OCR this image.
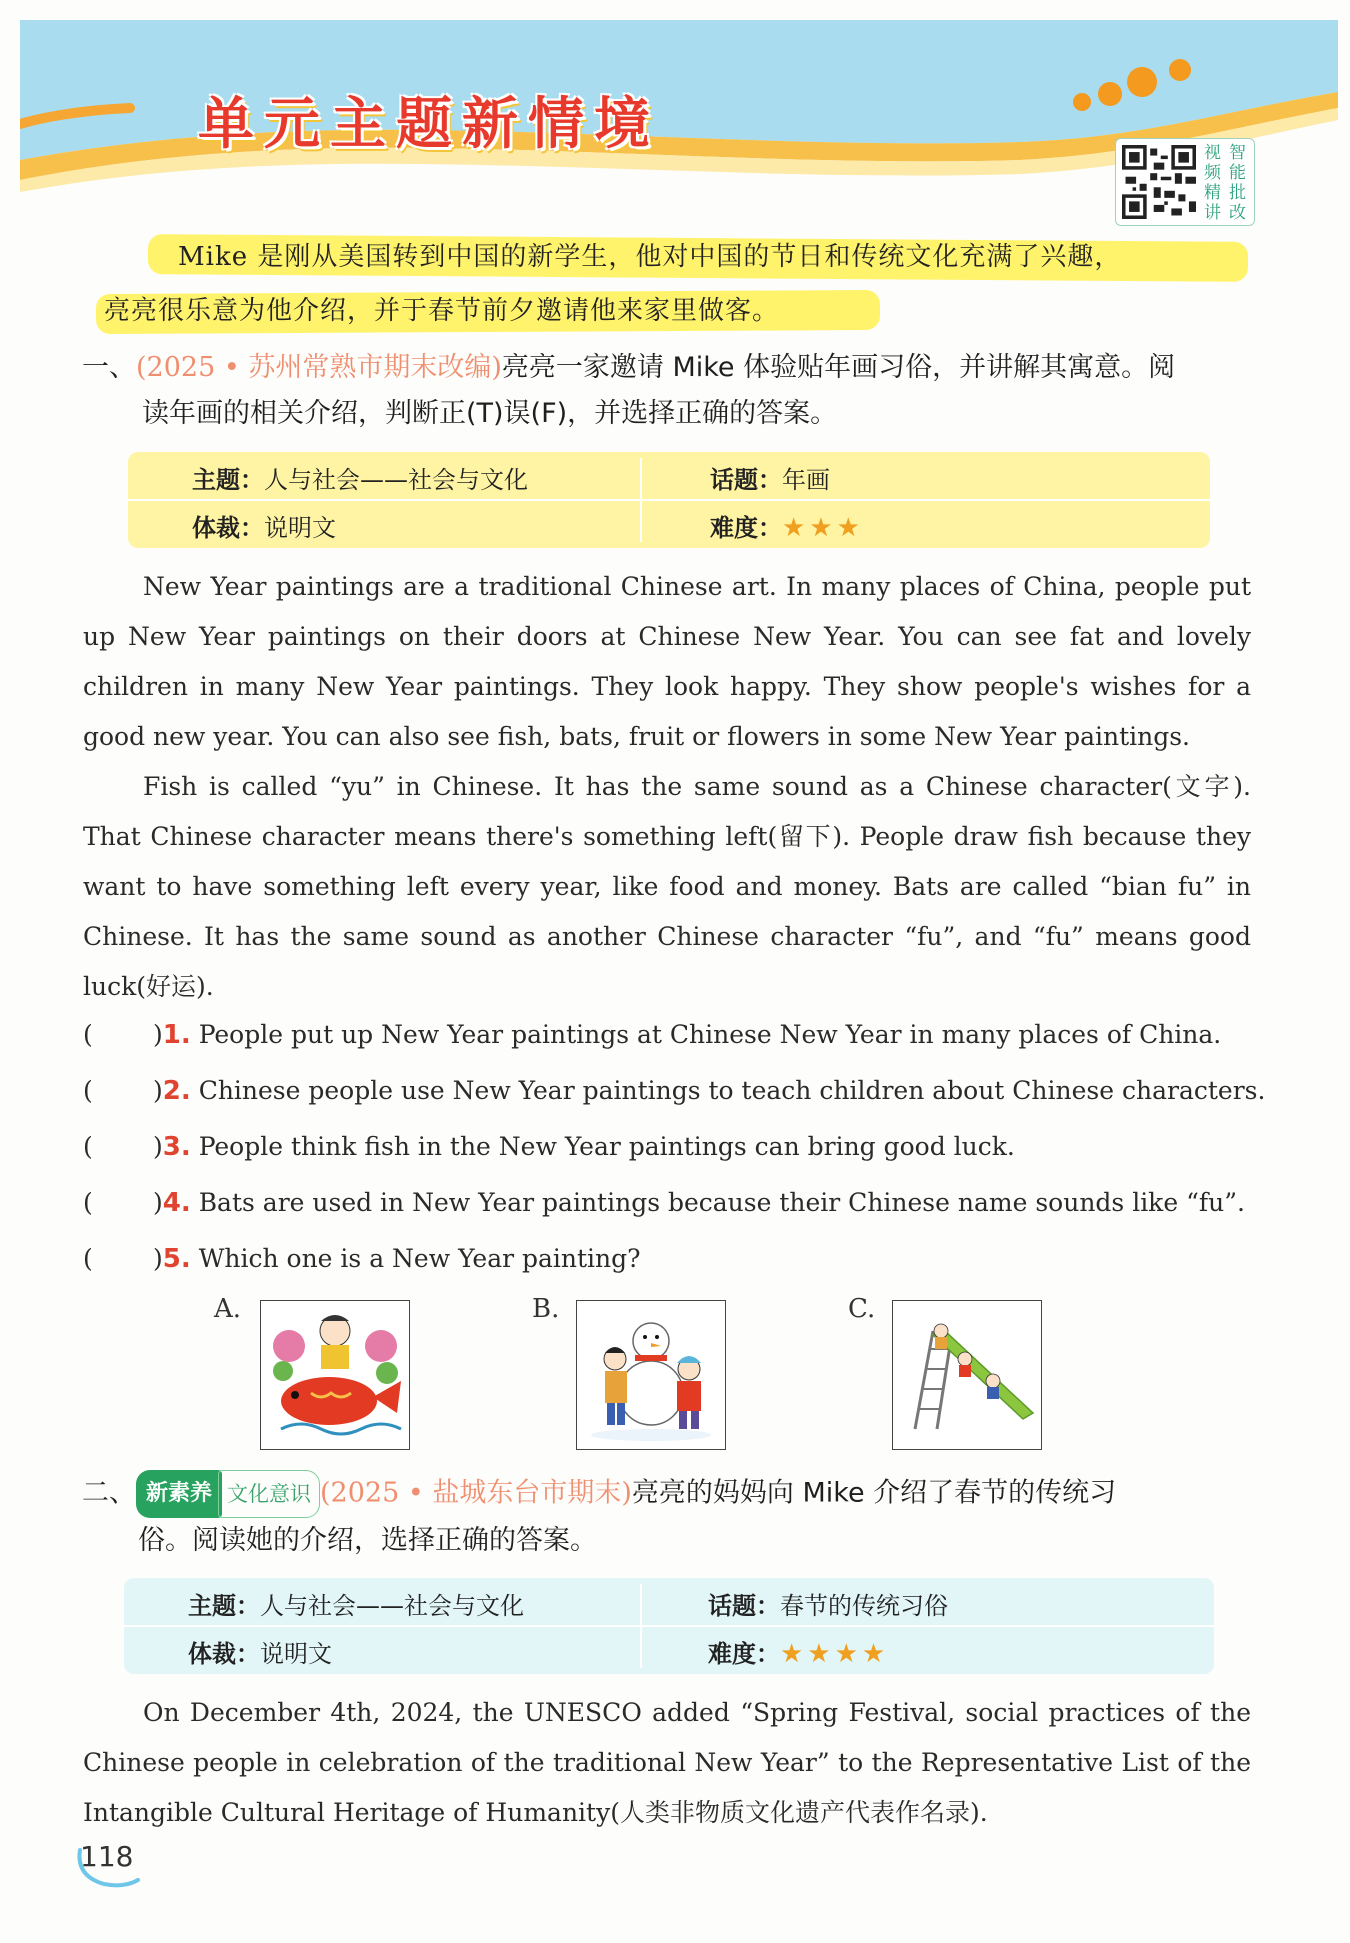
单元主题新情境	视 智
频 能
精 批
讲 改
Mike 是刚从美国转到中国的新学生，他对中国的节日和传统文化充满了兴趣，
亮亮很乐意为他介绍，并于春节前夕邀请他来家里做客。
一、(2025 • 苏州常熟市期末改编)亮亮一家邀请 Mike 体验贴年画习俗，并讲解其寓意。阅
读年画的相关介绍，判断正(T)误(F)，并选择正确的答案。
主题：人与社会——社会与文化	话题：年画
体裁：说明文	难度：★★★

New Year paintings are a traditional Chinese art. In many places of China, people put up New Year paintings on their doors at Chinese New Year. You can see fat and lovely children in many New Year paintings. They look happy. They show people's wishes for a good new year. You can also see fish, bats, fruit or flowers in some New Year paintings.

Fish is called “yu” in Chinese. It has the same sound as a Chinese character(文字). That Chinese character means there's something left(留下). People draw fish because they want to have something left every year, like food and money. Bats are called “bian fu” in Chinese. It has the same sound as another Chinese character “fu”, and “fu” means good luck(好运).

( )1. People put up New Year paintings at Chinese New Year in many places of China.
( )2. Chinese people use New Year paintings to teach children about Chinese characters.
( )3. People think fish in the New Year paintings can bring good luck.
( )4. Bats are used in New Year paintings because their Chinese name sounds like “fu”.
( )5. Which one is a New Year painting?
A.	B.	C.
二、 新素养 文化意识 (2025 • 盐城东台市期末)亮亮的妈妈向 Mike 介绍了春节的传统习
俗。阅读她的介绍，选择正确的答案。
主题：人与社会——社会与文化	话题：春节的传统习俗
体裁：说明文	难度：★★★★

On December 4th, 2024, the UNESCO added “Spring Festival, social practices of the Chinese people in celebration of the traditional New Year” to the Representative List of the Intangible Cultural Heritage of Humanity(人类非物质文化遗产代表作名录).

118
